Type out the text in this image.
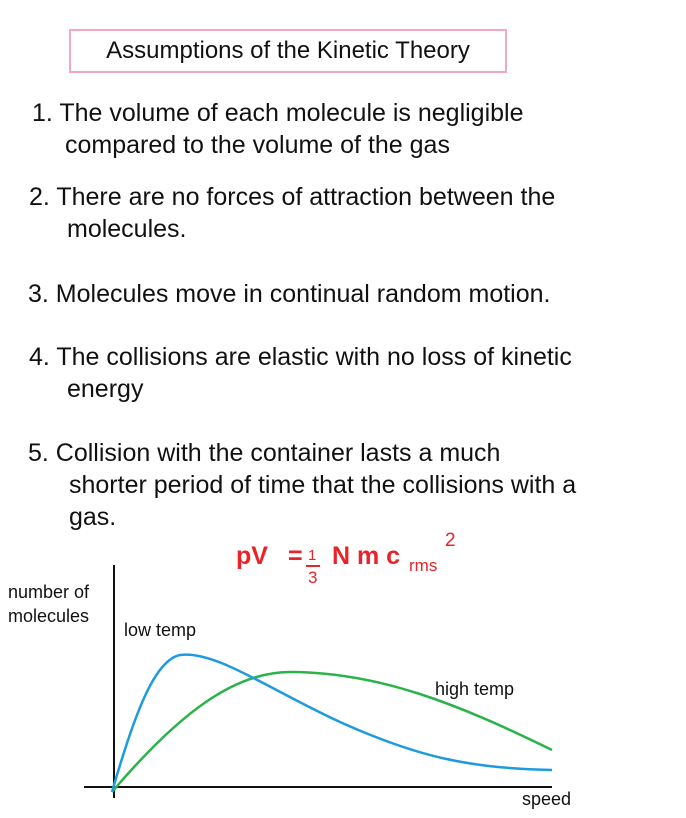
Assumptions of the Kinetic Theory
1. The volume of each molecule is negligible
compared to the volume of the gas
2. There are no forces of attraction between the
molecules.
3. Molecules move in continual random motion.
4. The collisions are elastic with no loss of kinetic
energy
5. Collision with the container lasts a much
shorter period of time that the collisions with a
gas.
pV = 1
3
N m c rms
2
number of
molecules
low temp
high temp
speed
